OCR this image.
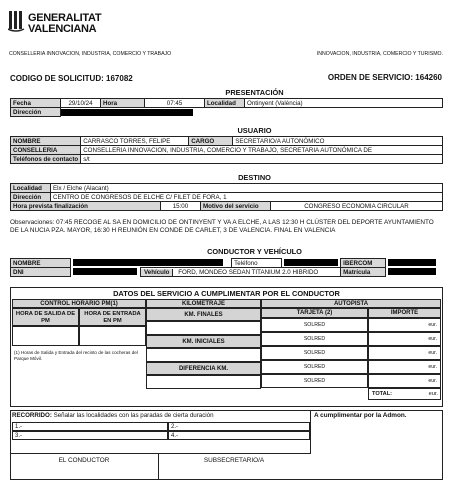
GENERALITAT
VALENCIANA
CONSELLERIA INNOVACION, INDUSTRIA, COMERCIO Y TRABAJO	INNOVACION, INDUSTRIA, COMERCIO Y TURISMO.
CODIGO DE SOLICITUD: 167082	ORDEN DE SERVICIO: 164260
PRESENTACIÓN
Fecha	29/10/24	Hora	07:45	Localidad	Ontinyent (València)
Dirección					
USUARIO
NOMBRE	CARRASCO TORRES, FELIPE	CARGO	SECRETARIO/A AUTONÓMICO
CONSELLERIA	CONSELLERIA INNOVACION, INDUSTRIA, COMERCIO Y TRABAJO, SECRETARIA AUTONÓMICA DE		
Teléfonos de contacto	s/t		
DESTINO
Localidad	Elx / Elche (Alacant)			
Dirección	CENTRO DE CONGRESOS DE ELCHE C/ FILET DE FORA, 1			
Hora prevista finalización		15:00	Motivo del servicio	CONGRESO ECONOMIA CIRCULAR
Observaciones: 07:45 RECOGE AL SA EN DOMICILIO DE ONTINYENT Y VA A ELCHE, A LAS 12:30 H CLÚSTER DEL DEPORTE AYUNTAMIENTO DE LA NUCIA PZA. MAYOR, 16:30 H REUNIÓN EN CONDE DE CARLET, 3 DE VALENCIA. FINAL EN VALENCIA
CONDUCTOR Y VEHÍCULO
NOMBRE			Teléfono		IBERCOM	
DNI		Vehículo FORD, MONDEO SEDAN TITANIUM 2.0 HIBRIDO			Matrícula	
DATOS DEL SERVICIO A CUMPLIMENTAR POR EL CONDUCTOR
CONTROL HORARIO PM(1)	KILOMETRAJE	AUTOPISTA
HORA DE SALIDA DE PM
HORA DE ENTRADA EN PM
(1) Horas de Salida y Entrada del recinto de las cocheras del Parque Móvil.
KM. FINALES
KM. INICIALES
DIFERENCIA KM.
TARJETA (2)	IMPORTE
SOLRED	eur.
SOLRED	eur.
SOLRED	eur.
SOLRED	eur.
SOLRED	eur.
TOTAL:	eur.
RECORRIDO: Señalar las localidades con las paradas de cierta duración	A cumplimentar por la Admon.
1.-	2.-
3.-	4.-
EL CONDUCTOR	SUBSECRETARIO/A
